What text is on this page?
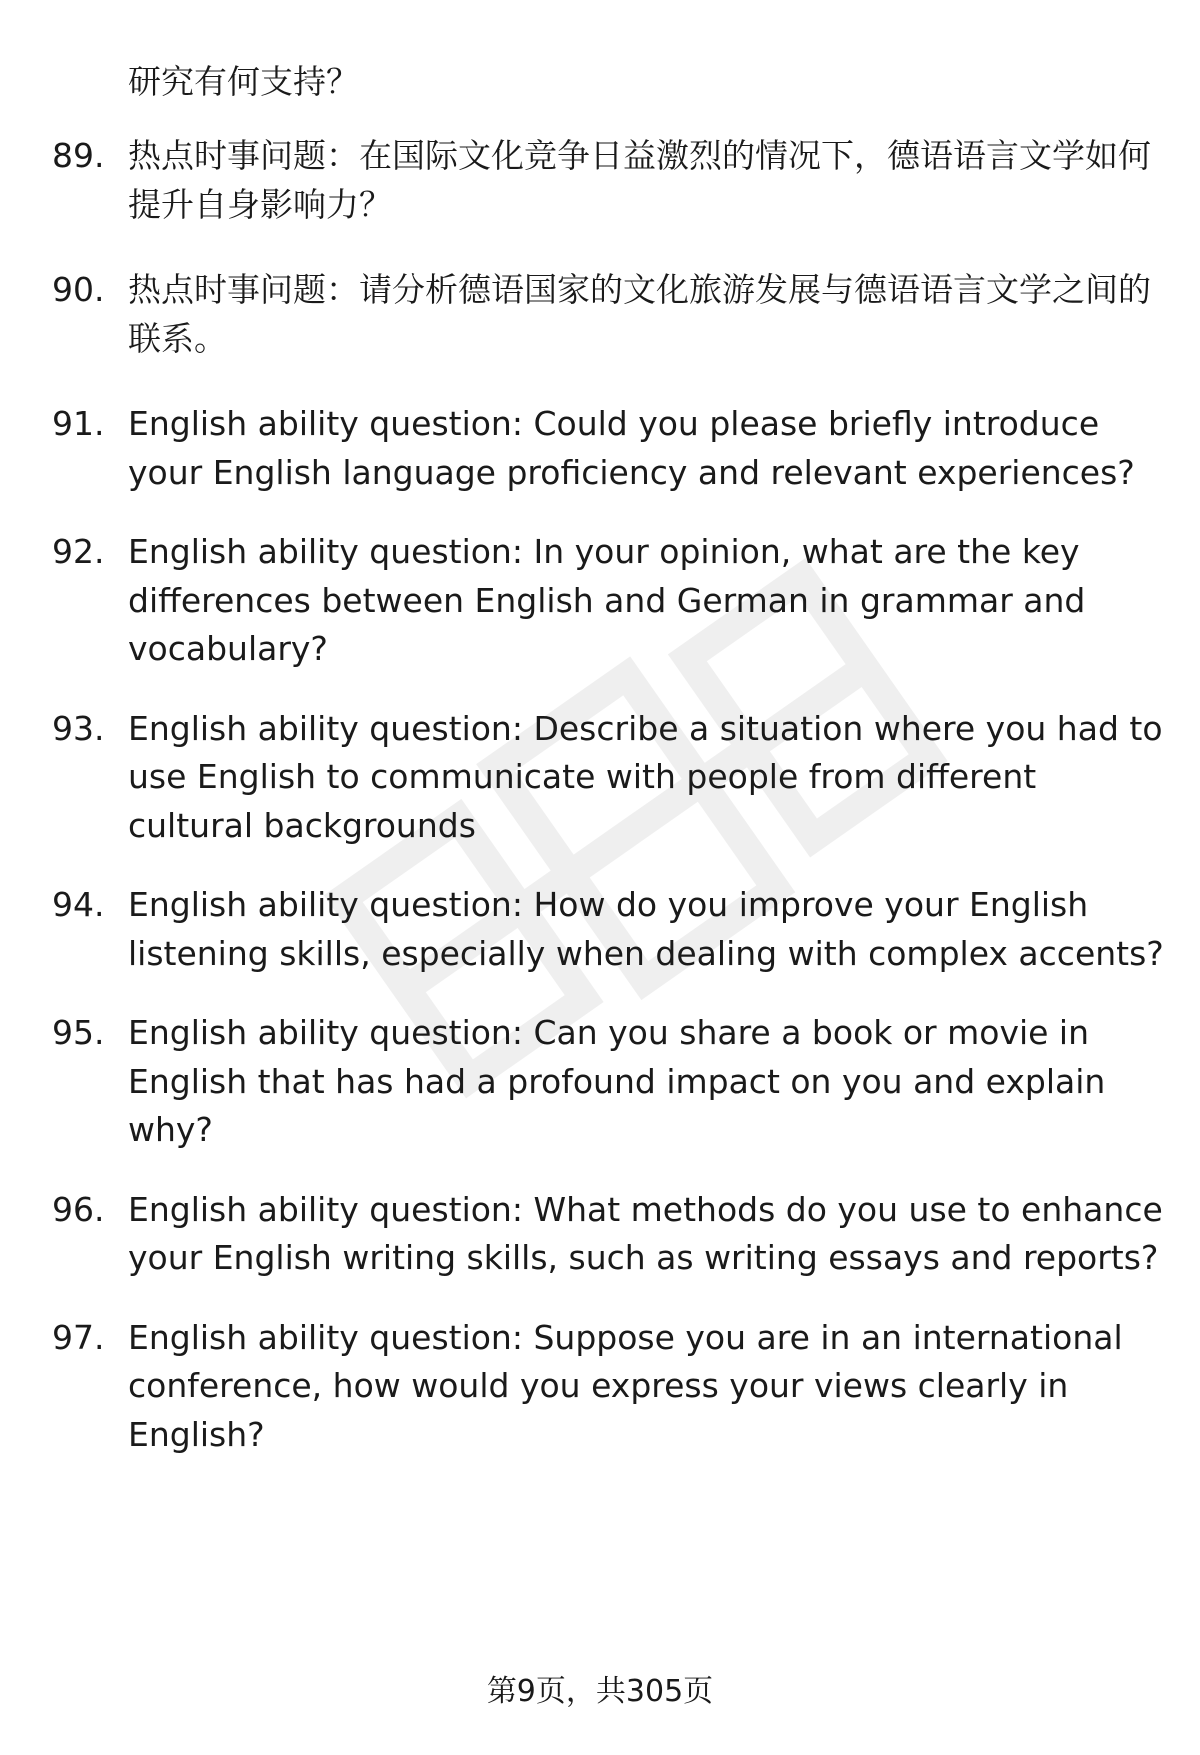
研究有何支持？

89. 热点时事问题：在国际文化竞争日益激烈的情况下，德语语言文学如何提升自身影响力？
90. 热点时事问题：请分析德语国家的文化旅游发展与德语语言文学之间的联系。
91. English ability question: Could you please briefly introduce your English language proficiency and relevant experiences?
92. English ability question: In your opinion, what are the key differences between English and German in grammar and vocabulary?
93. English ability question: Describe a situation where you had to use English to communicate with people from different cultural backgrounds
94. English ability question: How do you improve your English listening skills, especially when dealing with complex accents?
95. English ability question: Can you share a book or movie in English that has had a profound impact on you and explain why?
96. English ability question: What methods do you use to enhance your English writing skills, such as writing essays and reports?
97. English ability question: Suppose you are in an international conference, how would you express your views clearly in English?
第9页，共305页
